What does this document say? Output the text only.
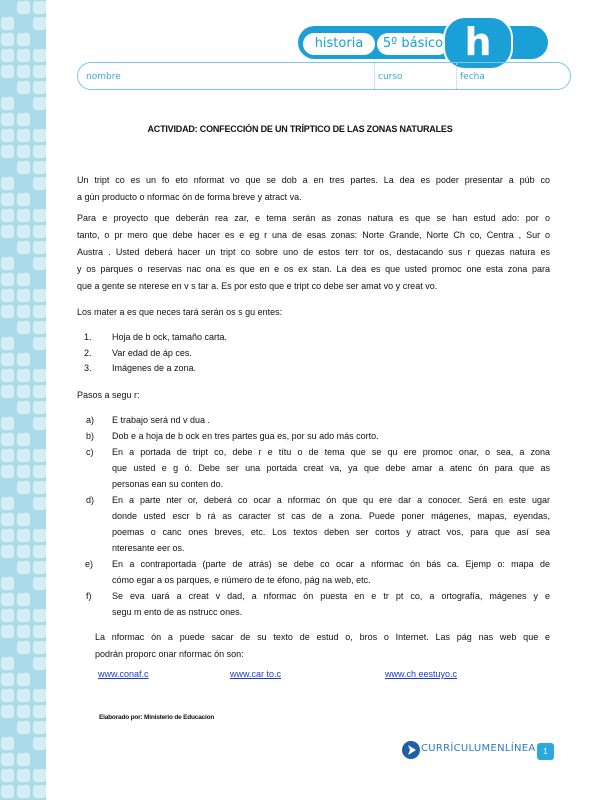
historia	5º básico h
nombre	curso	fecha
ACTIVIDAD: CONFECCIÓN DE UN TRÍPTICO DE LAS ZONAS NATURALES
Un tript co es un fo eto nformat vo que se dob a en tres partes. La dea es poder presentar a púb co
a gún producto o nformac ón de forma breve y atract va.
Para e proyecto que deberán rea zar, e tema serán as zonas natura es que se han estud ado: por o
tanto, o pr mero que debe hacer es e eg r una de esas zonas: Norte Grande, Norte Ch co, Centra , Sur o
Austra . Usted deberá hacer un tript co sobre uno de estos terr tor os, destacando sus r quezas natura es
y os parques o reservas nac ona es que en e os ex stan. La dea es que usted promoc one esta zona para
que a gente se nterese en v s tar a. Es por esto que e tript co debe ser amat vo y creat vo.
Los mater a es que neces tará serán os s gu entes:
1. Hoja de b ock, tamaño carta.
2. Var edad de áp ces.
3. Imágenes de a zona.
Pasos a segu r:
a) E trabajo será nd v dua .
b) Dob e a hoja de b ock en tres partes gua es, por su ado más corto.
c) En a portada de tript co, debe r e títu o de tema que se qu ere promoc onar, o sea, a zona
que usted e g ó. Debe ser una portada creat va, ya que debe amar a atenc ón para que as
personas ean su conten do.
d) En a parte nter or, deberá co ocar a nformac ón que qu ere dar a conocer. Será en este ugar
donde usted escr b rá as caracter st cas de a zona. Puede poner mágenes, mapas, eyendas,
poemas o canc ones breves, etc. Los textos deben ser cortos y atract vos, para que así sea
nteresante eer os.
e) En a contraportada (parte de atrás) se debe co ocar a nformac ón bás ca. Ejemp o: mapa de
cómo egar a os parques, e número de te éfono, pág na web, etc.
f) Se eva uará a creat v dad, a nformac ón puesta en e tr pt co, a ortografía, mágenes y e
segu m ento de as nstrucc ones.
La nformac ón a puede sacar de su texto de estud o, bros o Internet. Las pág nas web que e
podrán proporc onar nformac ón son:
www.conaf.c	www.car to.c	www.ch eestuyo.c
Elaborado por: Ministerio de Educacion
CURRÍCULUMENLÍNEA 1
